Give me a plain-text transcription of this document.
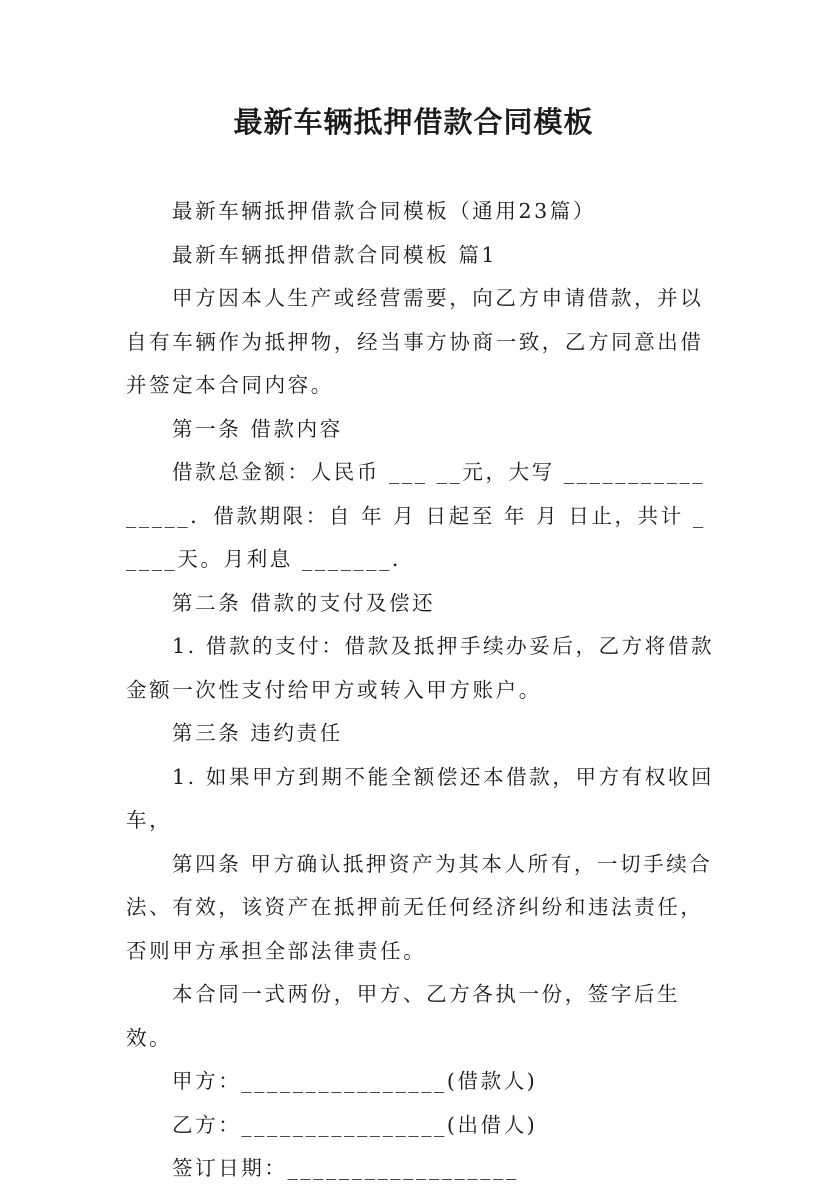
最新车辆抵押借款合同模板

最新车辆抵押借款合同模板（通用23篇）

最新车辆抵押借款合同模板 篇1

甲方因本人生产或经营需要，向乙方申请借款，并以自有车辆作为抵押物，经当事方协商一致，乙方同意出借并签定本合同内容。

第一条 借款内容

借款总金额：人民币 ___ __元，大写 ________________．借款期限：自 年 月 日起至 年 月 日止，共计 _____天。月利息 _______．

第二条 借款的支付及偿还

1. 借款的支付：借款及抵押手续办妥后，乙方将借款金额一次性支付给甲方或转入甲方账户。

第三条 违约责任

1. 如果甲方到期不能全额偿还本借款，甲方有权收回车，

第四条 甲方确认抵押资产为其本人所有，一切手续合法、有效，该资产在抵押前无任何经济纠纷和违法责任，否则甲方承担全部法律责任。

本合同一式两份，甲方、乙方各执一份，签字后生效。

甲方：________________(借款人)

乙方：________________(出借人)

签订日期：__________________
